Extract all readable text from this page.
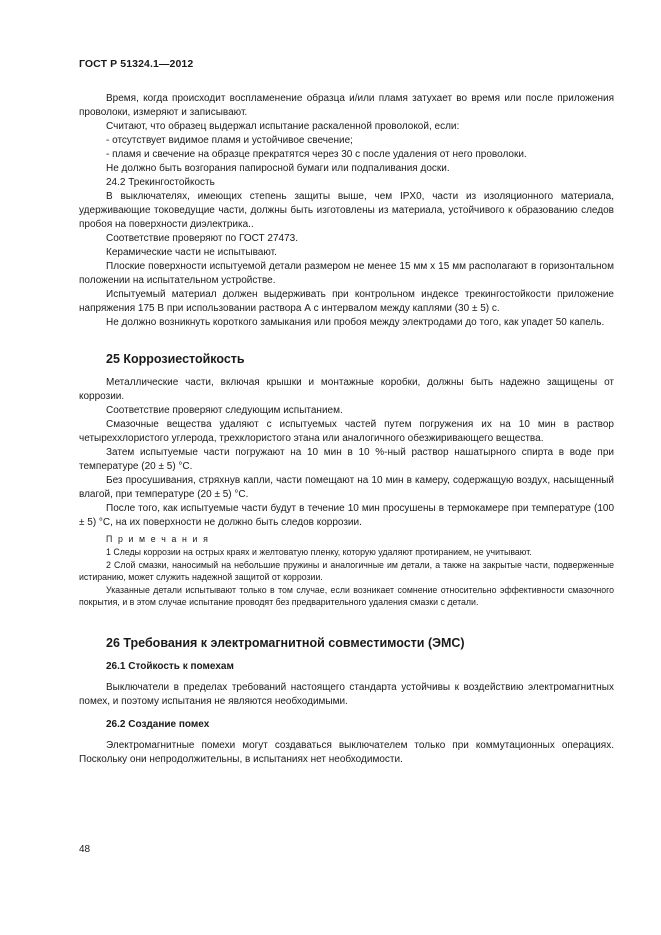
ГОСТ Р 51324.1—2012

Время, когда происходит воспламенение образца и/или пламя затухает во время или после приложения проволоки, измеряют и записывают.

Считают, что образец выдержал испытание раскаленной проволокой, если:

- отсутствует видимое пламя и устойчивое свечение;

- пламя и свечение на образце прекратятся через 30 с после удаления от него проволоки.

Не должно быть возгорания папиросной бумаги или подпаливания доски.

24.2 Трекингостойкость

В выключателях, имеющих степень защиты выше, чем IPX0, части из изоляционного материала, удерживающие токоведущие части, должны быть изготовлены из материала, устойчивого к образованию следов пробоя на поверхности диэлектрика..

Соответствие проверяют по ГОСТ 27473.

Керамические части не испытывают.

Плоские поверхности испытуемой детали размером не менее 15 мм х 15 мм располагают в горизонтальном положении на испытательном устройстве.

Испытуемый материал должен выдерживать при контрольном индексе трекингостойкости приложение напряжения 175 В при использовании раствора А с интервалом между каплями (30 ± 5) с.

Не должно возникнуть короткого замыкания или пробоя между электродами до того, как упадет 50 капель.

25 Коррозиестойкость

Металлические части, включая крышки и монтажные коробки, должны быть надежно защищены от коррозии.

Соответствие проверяют следующим испытанием.

Смазочные вещества удаляют с испытуемых частей путем погружения их на 10 мин в раствор четыреххлористого углерода, трехклористого этана или аналогичного обезжиривающего вещества.

Затем испытуемые части погружают на 10 мин в 10 %-ный раствор нашатырного спирта в воде при температуре (20 ± 5) °С.

Без просушивания, стряхнув капли, части помещают на 10 мин в камеру, содержащую воздух, насыщенный влагой, при температуре (20 ± 5) °С.

После того, как испытуемые части будут в течение 10 мин просушены в термокамере при температуре (100 ± 5) °С, на их поверхности не должно быть следов коррозии.

П р и м е ч а н и я

1 Следы коррозии на острых краях и желтоватую пленку, которую удаляют протиранием, не учитывают.

2 Слой смазки, наносимый на небольшие пружины и аналогичные им детали, а также на закрытые части, подверженные истиранию, может служить надежной защитой от коррозии.

Указанные детали испытывают только в том случае, если возникает сомнение относительно эффективности смазочного покрытия, и в этом случае испытание проводят без предварительного удаления смазки с детали.

26 Требования к электромагнитной совместимости (ЭМС)
26.1 Стойкость к помехам

Выключатели в пределах требований настоящего стандарта устойчивы к воздействию электромагнитных помех, и поэтому испытания не являются необходимыми.

26.2 Создание помех

Электромагнитные помехи могут создаваться выключателем только при коммутационных операциях. Поскольку они непродолжительны, в испытаниях нет необходимости.

48
